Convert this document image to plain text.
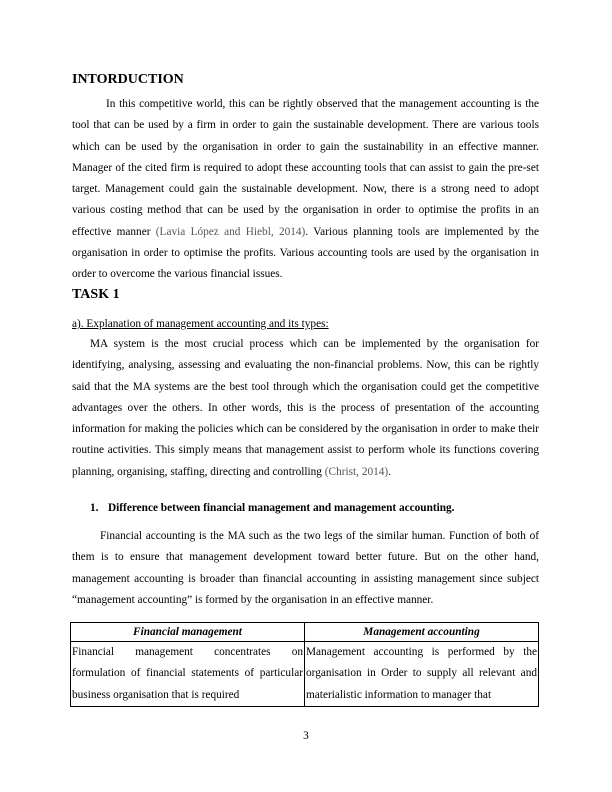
INTORDUCTION

In this competitive world, this can be rightly observed that the management accounting is the tool that can be used by a firm in order to gain the sustainable development. There are various tools which can be used by the organisation in order to gain the sustainability in an effective manner. Manager of the cited firm is required to adopt these accounting tools that can assist to gain the pre-set target. Management could gain the sustainable development. Now, there is a strong need to adopt various costing method that can be used by the organisation in order to optimise the profits in an effective manner (Lavia López and Hiebl, 2014). Various planning tools are implemented by the organisation in order to optimise the profits. Various accounting tools are used by the organisation in order to overcome the various financial issues.

TASK 1

a). Explanation of management accounting and its types:

MA system is the most crucial process which can be implemented by the organisation for identifying, analysing, assessing and evaluating the non-financial problems. Now, this can be rightly said that the MA systems are the best tool through which the organisation could get the competitive advantages over the others. In other words, this is the process of presentation of the accounting information for making the policies which can be considered by the organisation in order to make their routine activities. This simply means that management assist to perform whole its functions covering planning, organising, staffing, directing and controlling (Christ, 2014).

1. Difference between financial management and management accounting.

Financial accounting is the MA such as the two legs of the similar human. Function of both of them is to ensure that management development toward better future. But on the other hand, management accounting is broader than financial accounting in assisting management since subject “management accounting” is formed by the organisation in an effective manner.

Financial management	Management accounting
Financial management concentrates on formulation of financial statements of particular business organisation that is required	Management accounting is performed by the organisation in Order to supply all relevant and materialistic information to manager that

3
